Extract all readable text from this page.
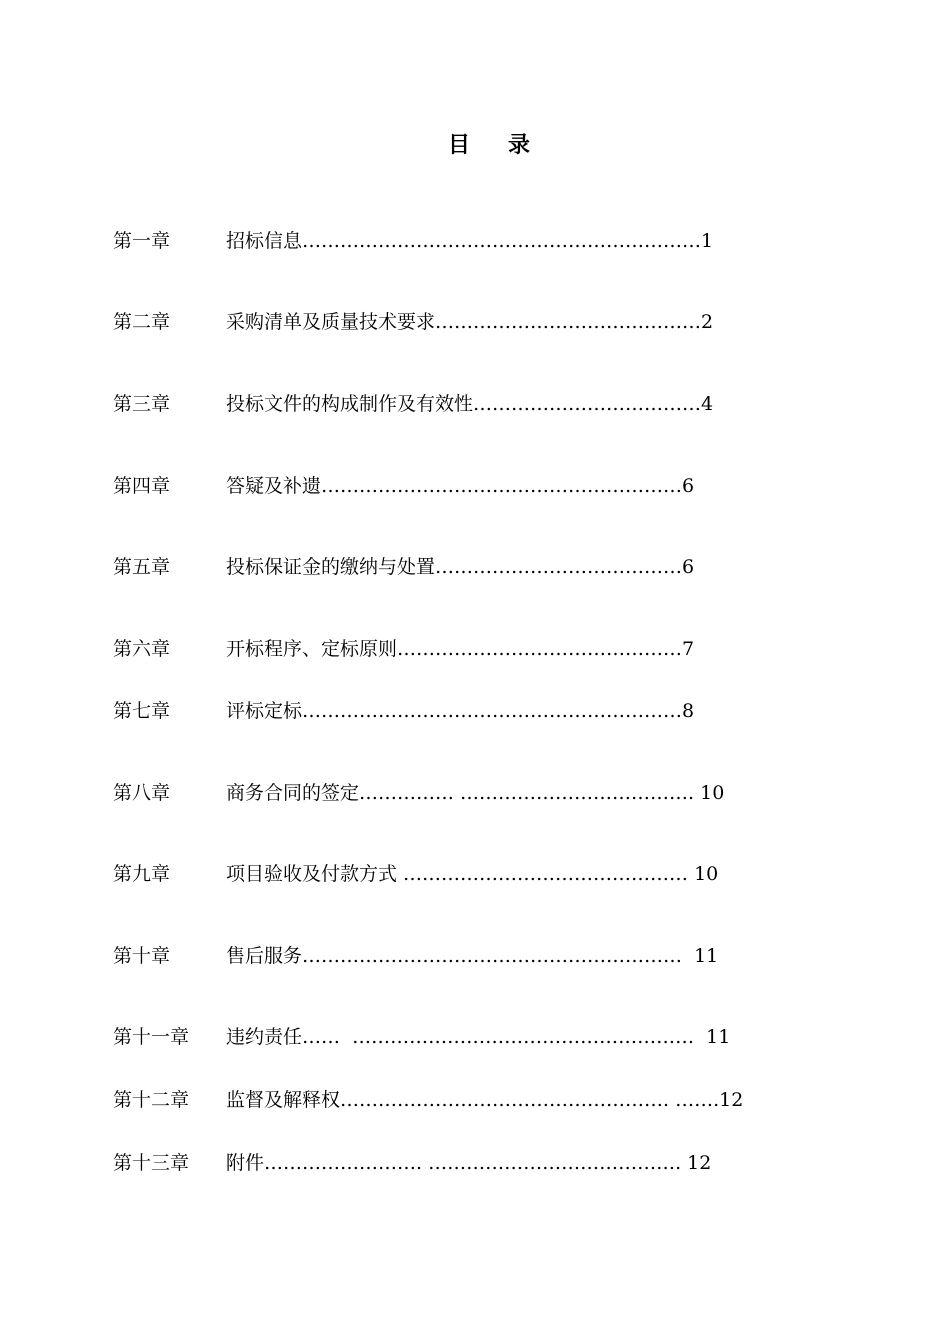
目 录
第一章	招标信息………………………………………………………1
第二章	采购清单及质量技术要求……………………………………2
第三章	投标文件的构成制作及有效性………………………………4
第四章	答疑及补遗…………………………………………………6
第五章	投标保证金的缴纳与处置…………………………………6
第六章	开标程序、定标原则………………………………………7
第七章	评标定标……………………………………………………8
第八章	商务合同的签定…………… ………………………………. 10
第九章	项目验收及付款方式 ……………………………………… 10
第十章	售后服务……………………………………………………  11
第十一章 违约责任……  ………………………………………………  11
第十二章 监督及解释权……………………………………………. …….12
第十三章 附件……………………. …………………………………. 12
